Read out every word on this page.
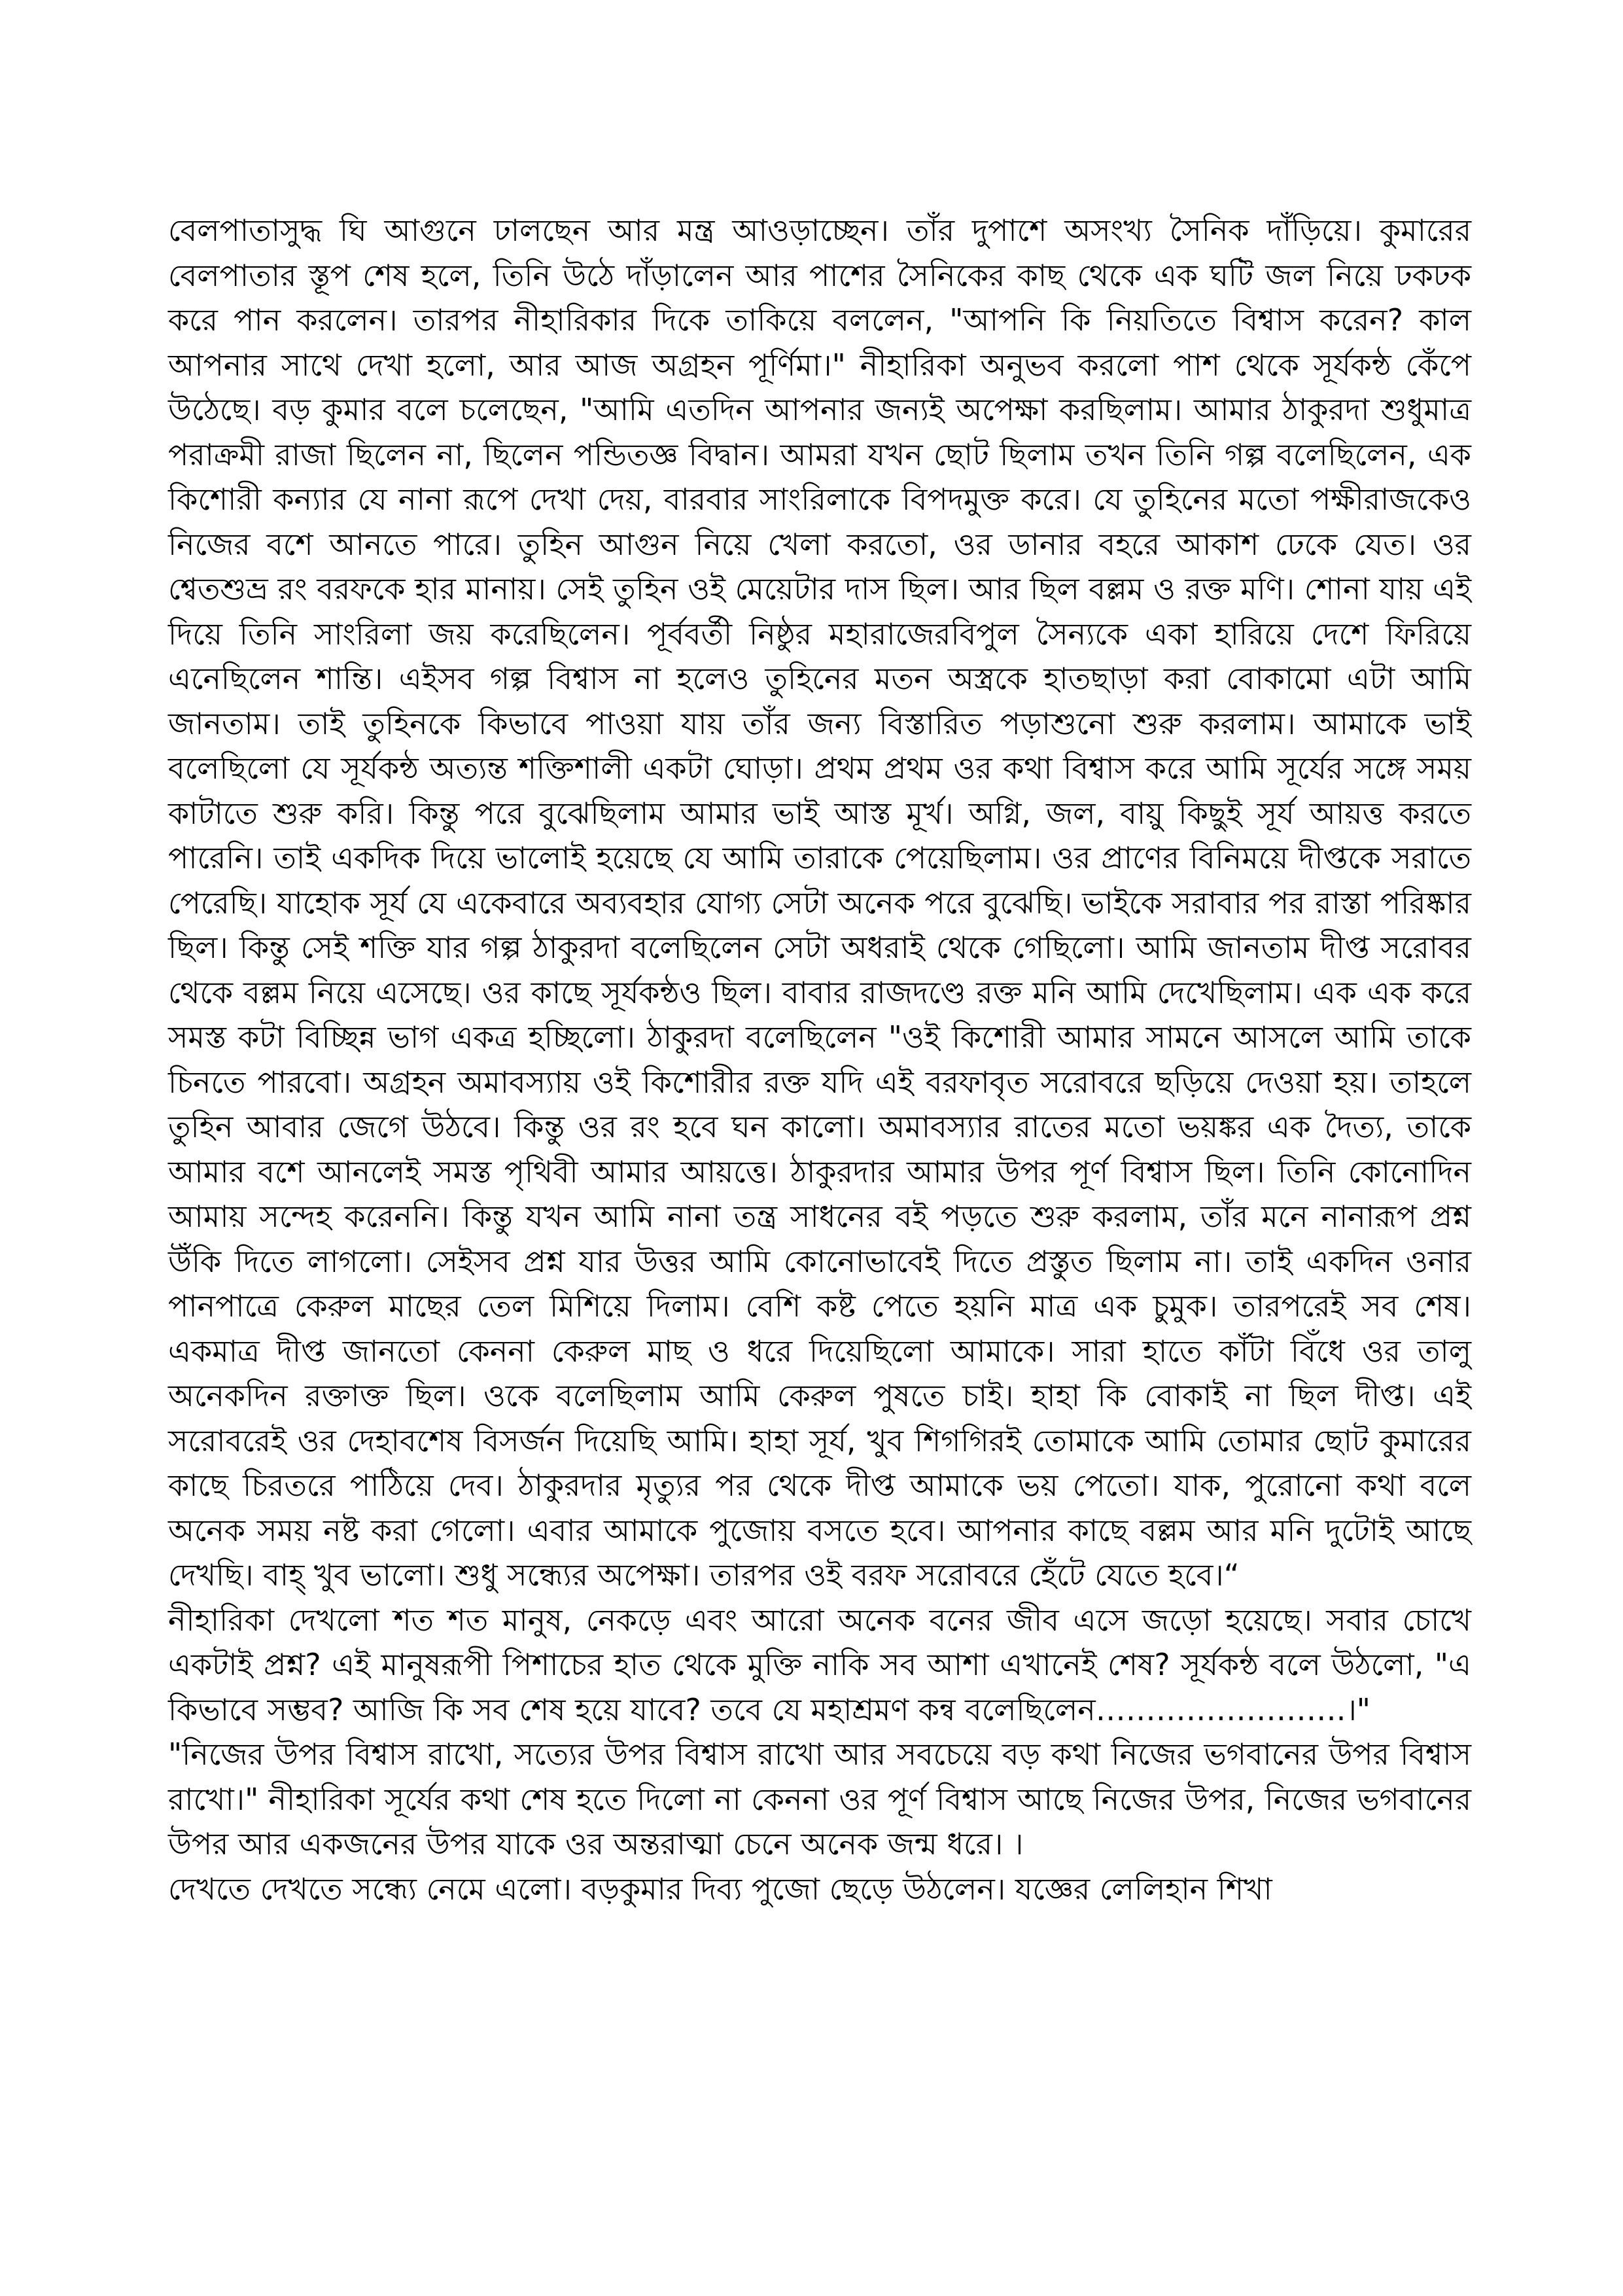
বেলপাতাসুদ্ধ ঘি আগুনে ঢালছেন আর মন্ত্র আওড়াচ্ছেন। তাঁর দুপাশে অসংখ্য সৈনিক দাঁড়িয়ে। কুমারের বেলপাতার স্তূপ শেষ হলে, তিনি উঠে দাঁড়ালেন আর পাশের সৈনিকের কাছ থেকে এক ঘটি জল নিয়ে ঢকঢক করে পান করলেন। তারপর নীহারিকার দিকে তাকিয়ে বললেন, "আপনি কি নিয়তিতে বিশ্বাস করেন? কাল আপনার সাথে দেখা হলো, আর আজ অগ্রহন পূর্ণিমা।" নীহারিকা অনুভব করলো পাশ থেকে সূর্যকন্ঠ কেঁপে উঠেছে। বড় কুমার বলে চলেছেন, "আমি এতদিন আপনার জন্যই অপেক্ষা করছিলাম। আমার ঠাকুরদা শুধুমাত্র পরাক্রমী রাজা ছিলেন না, ছিলেন পন্ডিতজ্ঞ বিদ্বান। আমরা যখন ছোট ছিলাম তখন তিনি গল্প বলেছিলেন, এক কিশোরী কন্যার যে নানা রূপে দেখা দেয়, বারবার সাংরিলাকে বিপদমুক্ত করে। যে তুহিনের মতো পক্ষীরাজকেও নিজের বশে আনতে পারে। তুহিন আগুন নিয়ে খেলা করতো, ওর ডানার বহরে আকাশ ঢেকে যেত। ওর শ্বেতশুভ্র রং বরফকে হার মানায়। সেই তুহিন ওই মেয়েটার দাস ছিল। আর ছিল বল্লম ও রক্ত মণি। শোনা যায় এই দিয়ে তিনি সাংরিলা জয় করেছিলেন। পূর্ববর্তী নিষ্ঠুর মহারাজেরবিপুল সৈন্যকে একা হারিয়ে দেশে ফিরিয়ে এনেছিলেন শান্তি। এইসব গল্প বিশ্বাস না হলেও তুহিনের মতন অস্ত্রকে হাতছাড়া করা বোকামো এটা আমি জানতাম। তাই তুহিনকে কিভাবে পাওয়া যায় তাঁর জন্য বিস্তারিত পড়াশুনো শুরু করলাম। আমাকে ভাই বলেছিলো যে সূর্যকন্ঠ অত্যন্ত শক্তিশালী একটা ঘোড়া। প্রথম প্রথম ওর কথা বিশ্বাস করে আমি সূর্যের সঙ্গে সময় কাটাতে শুরু করি। কিন্তু পরে বুঝেছিলাম আমার ভাই আস্ত মূর্খ। অগ্নি, জল, বায়ু কিছুই সূর্য আয়ত্ত করতে পারেনি। তাই একদিক দিয়ে ভালোই হয়েছে যে আমি তারাকে পেয়েছিলাম। ওর প্রাণের বিনিময়ে দীপ্তকে সরাতে পেরেছি। যাহোক সূর্য যে একেবারে অব্যবহার যোগ্য সেটা অনেক পরে বুঝেছি। ভাইকে সরাবার পর রাস্তা পরিষ্কার ছিল। কিন্তু সেই শক্তি যার গল্প ঠাকুরদা বলেছিলেন সেটা অধরাই থেকে গেছিলো। আমি জানতাম দীপ্ত সরোবর থেকে বল্লম নিয়ে এসেছে। ওর কাছে সূর্যকন্ঠও ছিল। বাবার রাজদণ্ডে রক্ত মনি আমি দেখেছিলাম। এক এক করে সমস্ত কটা বিচ্ছিন্ন ভাগ একত্র হচ্ছিলো। ঠাকুরদা বলেছিলেন "ওই কিশোরী আমার সামনে আসলে আমি তাকে চিনতে পারবো। অগ্রহন অমাবস্যায় ওই কিশোরীর রক্ত যদি এই বরফাবৃত সরোবরে ছড়িয়ে দেওয়া হয়। তাহলে তুহিন আবার জেগে উঠবে। কিন্তু ওর রং হবে ঘন কালো। অমাবস্যার রাতের মতো ভয়ঙ্কর এক দৈত্য, তাকে আমার বশে আনলেই সমস্ত পৃথিবী আমার আয়ত্তে। ঠাকুরদার আমার উপর পূর্ণ বিশ্বাস ছিল। তিনি কোনোদিন আমায় সন্দেহ করেননি। কিন্তু যখন আমি নানা তন্ত্র সাধনের বই পড়তে শুরু করলাম, তাঁর মনে নানারূপ প্রশ্ন উঁকি দিতে লাগলো। সেইসব প্রশ্ন যার উত্তর আমি কোনোভাবেই দিতে প্রস্তুত ছিলাম না। তাই একদিন ওনার পানপাত্রে কেরুল মাছের তেল মিশিয়ে দিলাম। বেশি কষ্ট পেতে হয়নি মাত্র এক চুমুক। তারপরেই সব শেষ। একমাত্র দীপ্ত জানতো কেননা কেরুল মাছ ও ধরে দিয়েছিলো আমাকে। সারা হাতে কাঁটা বিঁধে ওর তালু অনেকদিন রক্তাক্ত ছিল। ওকে বলেছিলাম আমি কেরুল পুষতে চাই। হাহা কি বোকাই না ছিল দীপ্ত। এই সরোবরেই ওর দেহাবশেষ বিসর্জন দিয়েছি আমি। হাহা সূর্য, খুব শিগগিরই তোমাকে আমি তোমার ছোট কুমারের কাছে চিরতরে পাঠিয়ে দেব। ঠাকুরদার মৃত্যুর পর থেকে দীপ্ত আমাকে ভয় পেতো। যাক, পুরোনো কথা বলে অনেক সময় নষ্ট করা গেলো। এবার আমাকে পুজোয় বসতে হবে। আপনার কাছে বল্লম আর মনি দুটোই আছে দেখছি। বাহ্ খুব ভালো। শুধু সন্ধ্যের অপেক্ষা। তারপর ওই বরফ সরোবরে হেঁটে যেতে হবে।“

নীহারিকা দেখলো শত শত মানুষ, নেকড়ে এবং আরো অনেক বনের জীব এসে জড়ো হয়েছে। সবার চোখে একটাই প্রশ্ন? এই মানুষরূপী পিশাচের হাত থেকে মুক্তি নাকি সব আশা এখানেই শেষ? সূর্যকন্ঠ বলে উঠলো, "এ কিভাবে সম্ভব? আজি কি সব শেষ হয়ে যাবে? তবে যে মহাশ্রমণ কন্ব বলেছিলেন…………………….।"

"নিজের উপর বিশ্বাস রাখো, সত্যের উপর বিশ্বাস রাখো আর সবচেয়ে বড় কথা নিজের ভগবানের উপর বিশ্বাস রাখো।" নীহারিকা সূর্যের কথা শেষ হতে দিলো না কেননা ওর পূর্ণ বিশ্বাস আছে নিজের উপর, নিজের ভগবানের উপর আর একজনের উপর যাকে ওর অন্তরাত্মা চেনে অনেক জন্ম ধরে। ।

দেখতে দেখতে সন্ধ্যে নেমে এলো। বড়কুমার দিব্য পুজো ছেড়ে উঠলেন। যজ্ঞের লেলিহান শিখা
